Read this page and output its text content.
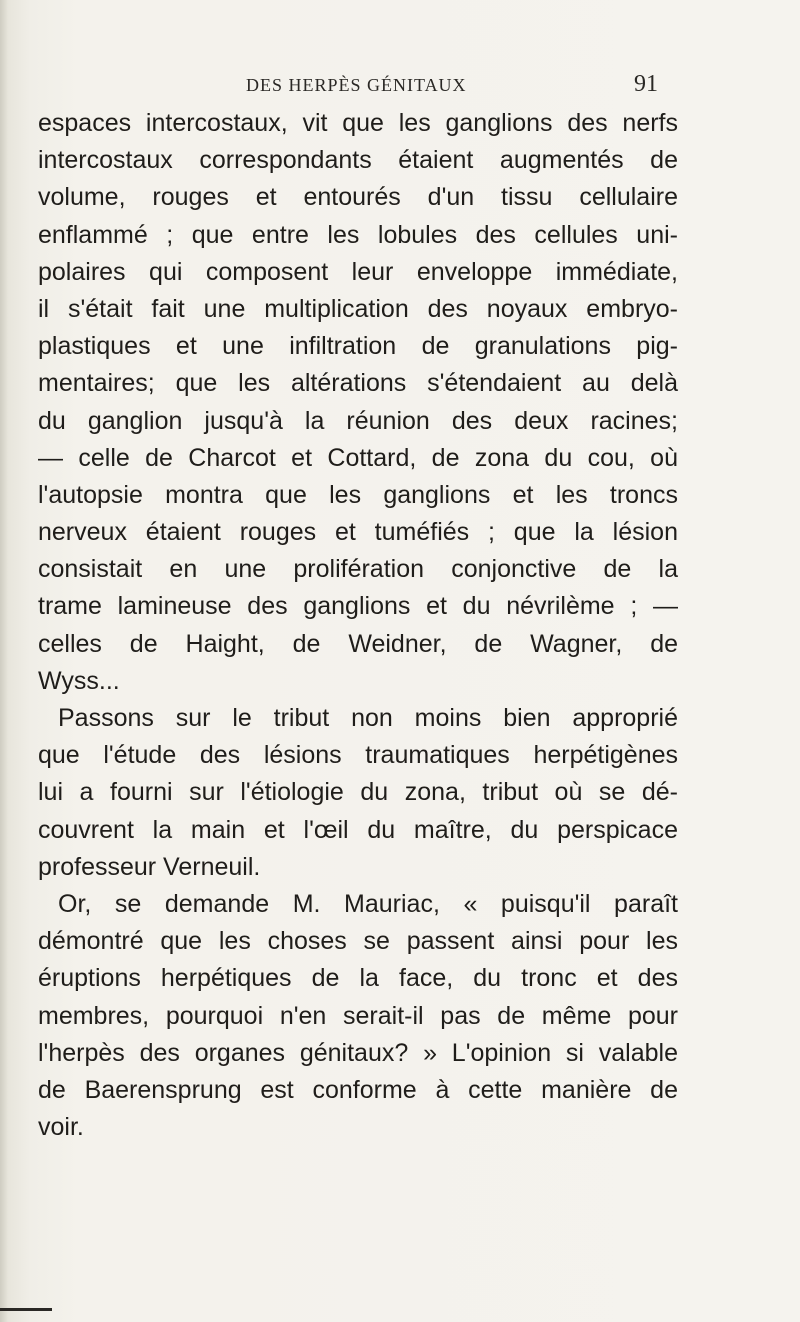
DES HERPÈS GÉNITAUX	91
espaces intercostaux, vit que les ganglions des nerfs
intercostaux correspondants étaient augmentés de
volume, rouges et entourés d'un tissu cellulaire
enflammé ; que entre les lobules des cellules uni-
polaires qui composent leur enveloppe immédiate,
il s'était fait une multiplication des noyaux embryo-
plastiques et une infiltration de granulations pig-
mentaires; que les altérations s'étendaient au delà
du ganglion jusqu'à la réunion des deux racines;
— celle de Charcot et Cottard, de zona du cou, où
l'autopsie montra que les ganglions et les troncs
nerveux étaient rouges et tuméfiés ; que la lésion
consistait en une prolifération conjonctive de la
trame lamineuse des ganglions et du névrilème ; —
celles de Haight, de Weidner, de Wagner, de
Wyss...
Passons sur le tribut non moins bien approprié
que l'étude des lésions traumatiques herpétigènes
lui a fourni sur l'étiologie du zona, tribut où se dé-
couvrent la main et l'œil du maître, du perspicace
professeur Verneuil.
Or, se demande M. Mauriac, « puisqu'il paraît
démontré que les choses se passent ainsi pour les
éruptions herpétiques de la face, du tronc et des
membres, pourquoi n'en serait-il pas de même pour
l'herpès des organes génitaux? » L'opinion si valable
de Baerensprung est conforme à cette manière de
voir.
